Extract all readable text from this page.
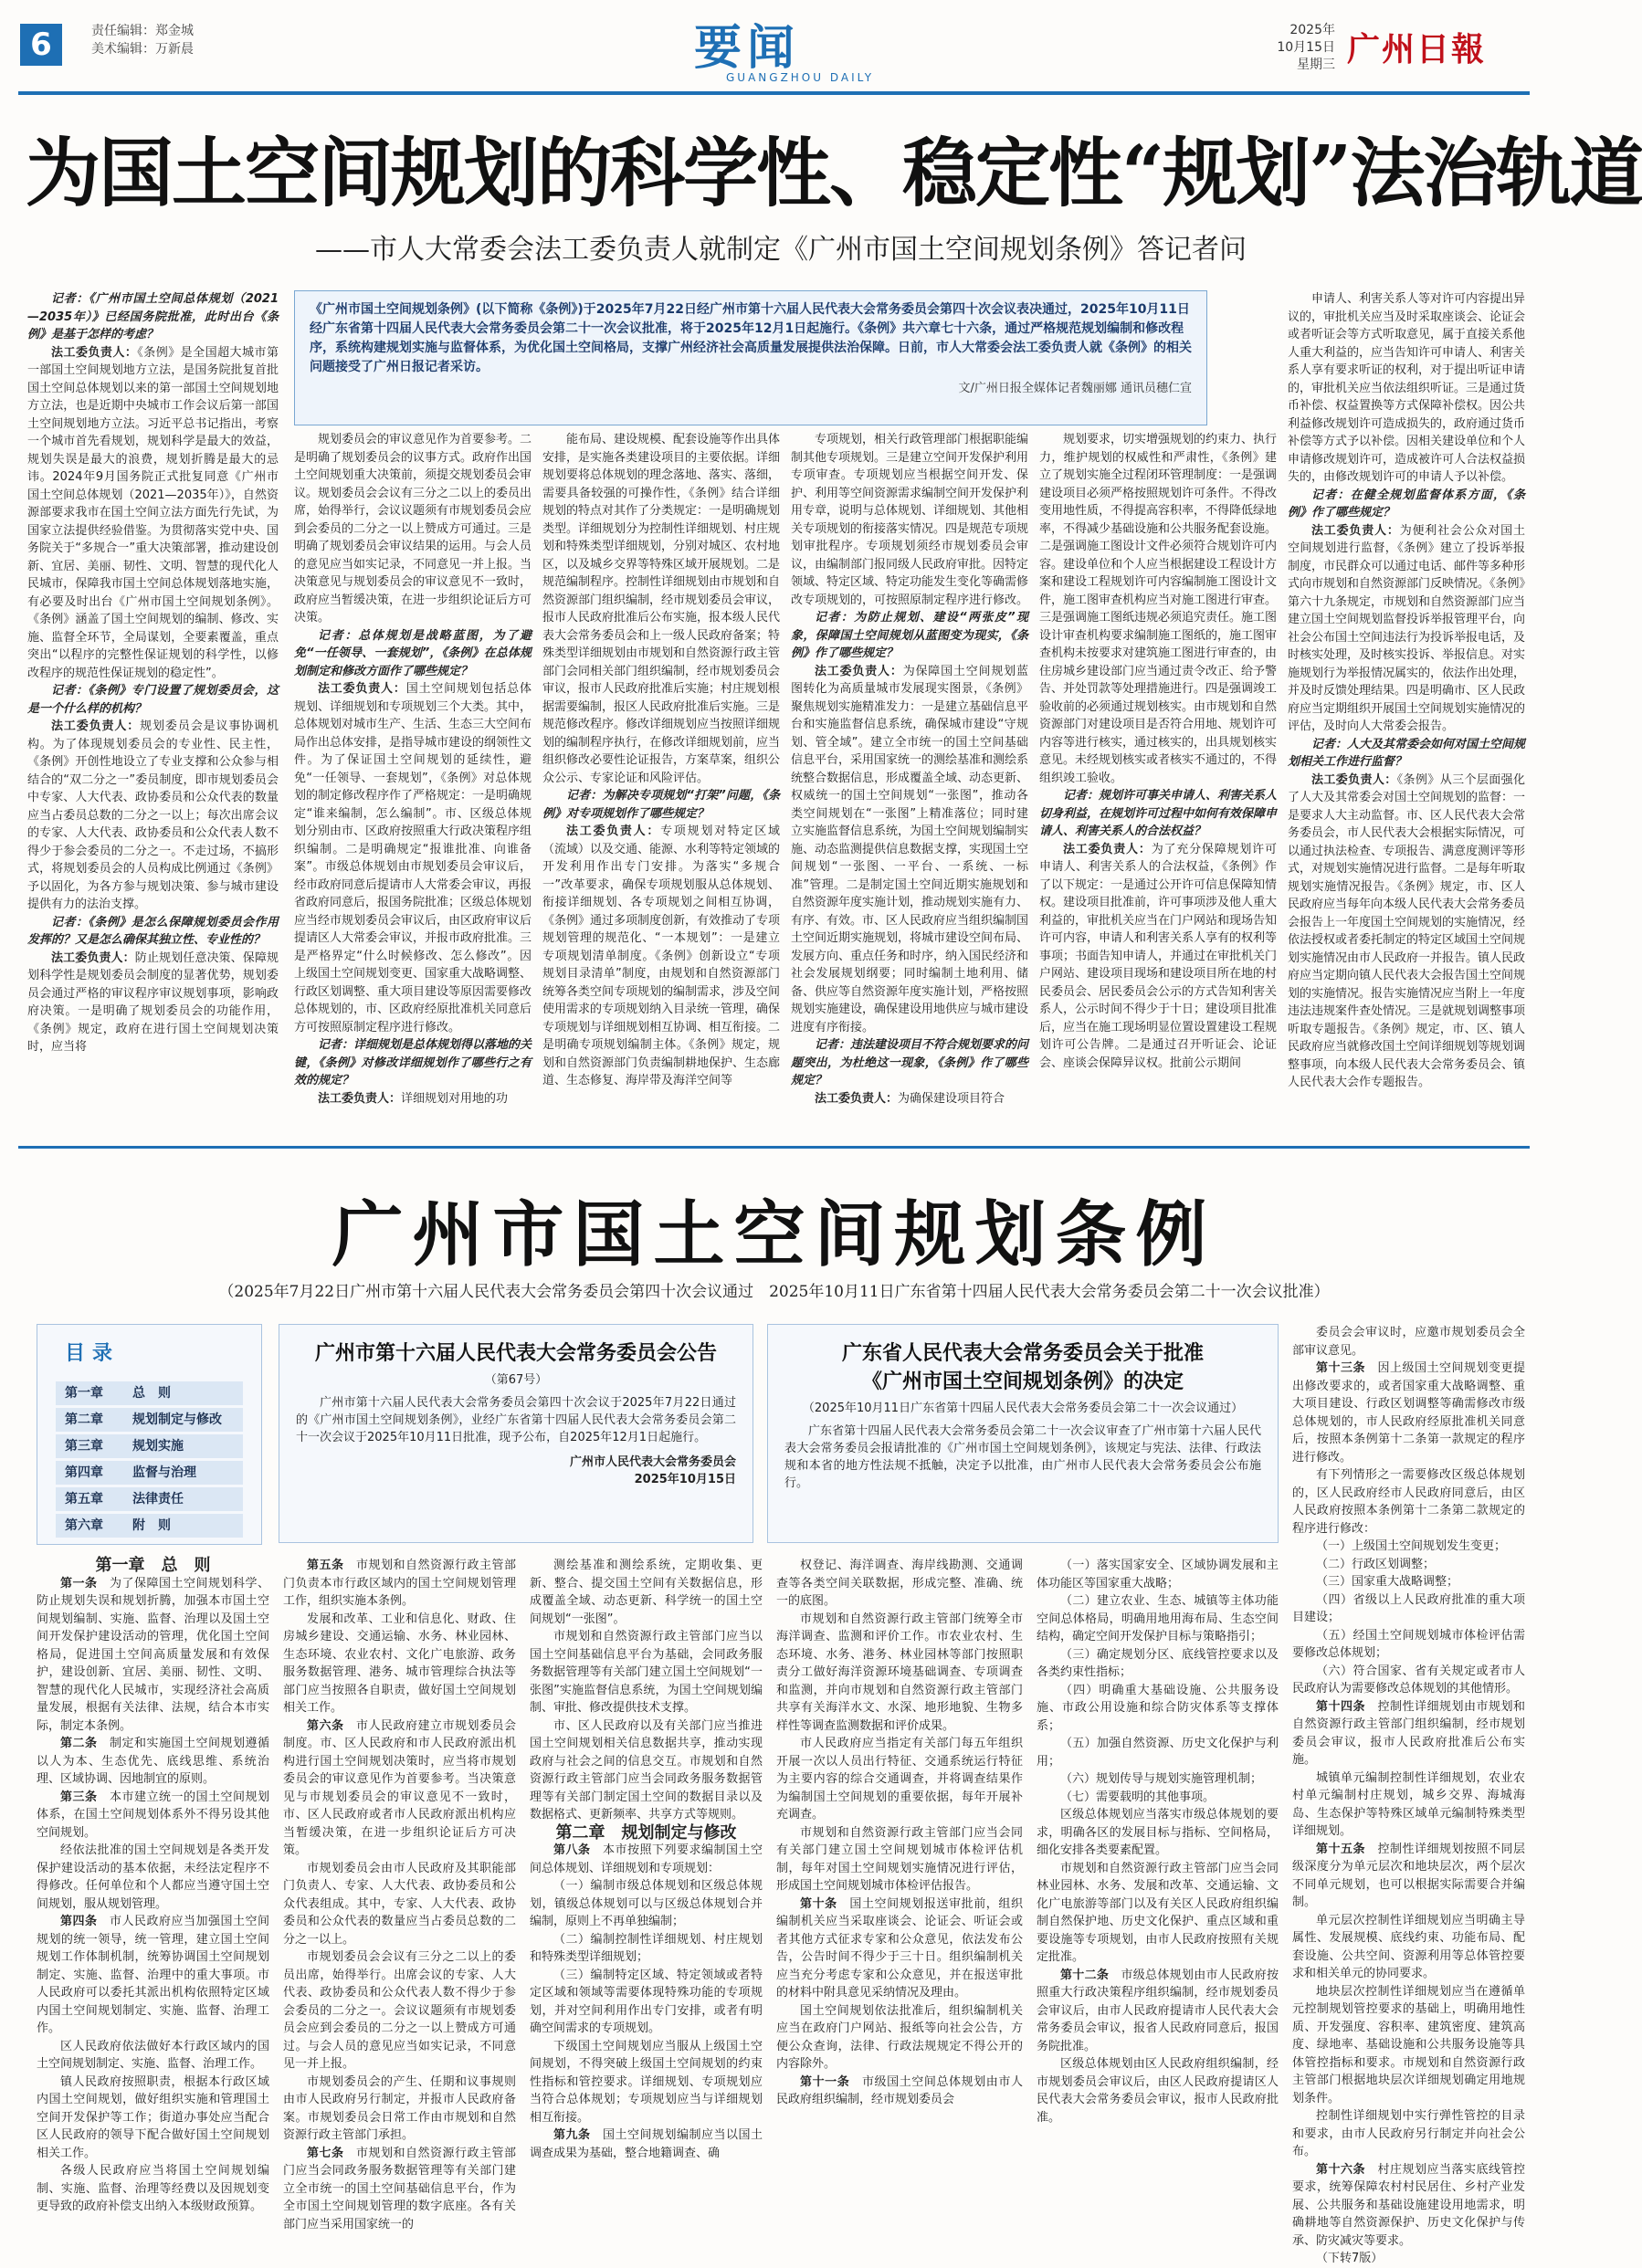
6	责任编辑：郑金城
美术编辑：万新晨	要闻
GUANGZHOU DAILY
2025年
10月15日
星期三 广州日報
为国土空间规划的科学性、稳定性“规划”法治轨道
——市人大常委会法工委负责人就制定《广州市国土空间规划条例》答记者问
《广州市国土空间规划条例》(以下简称《条例》)于2025年7月22日经广州市第十六届人民代表大会常务委员会第四十次会议表决通过，2025年10月11日经广东省第十四届人民代表大会常务委员会第二十一次会议批准，将于2025年12月1日起施行。《条例》共六章七十六条，通过严格规范规划编制和修改程序，系统构建规划实施与监督体系，为优化国土空间格局，支撑广州经济社会高质量发展提供法治保障。日前，市人大常委会法工委负责人就《条例》的相关问题接受了广州日报记者采访。
文/广州日报全媒体记者魏丽娜 通讯员穗仁宣

记者：《广州市国土空间总体规划（2021—2035年）》已经国务院批准，此时出台《条例》是基于怎样的考虑？

法工委负责人：《条例》是全国超大城市第一部国土空间规划地方立法，是国务院批复首批国土空间总体规划以来的第一部国土空间规划地方立法，也是近期中央城市工作会议后第一部国土空间规划地方立法。习近平总书记指出，考察一个城市首先看规划，规划科学是最大的效益，规划失误是最大的浪费，规划折腾是最大的忌讳。2024年9月国务院正式批复同意《广州市国土空间总体规划（2021—2035年）》，自然资源部要求我市在国土空间立法方面先行先试，为国家立法提供经验借鉴。为贯彻落实党中央、国务院关于“多规合一”重大决策部署，推动建设创新、宜居、美丽、韧性、文明、智慧的现代化人民城市，保障我市国土空间总体规划落地实施，有必要及时出台《广州市国土空间规划条例》。《条例》涵盖了国土空间规划的编制、修改、实施、监督全环节，全局谋划，全要素覆盖，重点突出“以程序的完整性保证规划的科学性，以修改程序的规范性保证规划的稳定性”。

记者：《条例》专门设置了规划委员会，这是一个什么样的机构？

法工委负责人：规划委员会是议事协调机构。为了体现规划委员会的专业性、民主性，《条例》开创性地设立了专业支撑和公众参与相结合的“双二分之一”委员制度，即市规划委员会中专家、人大代表、政协委员和公众代表的数量应当占委员总数的二分之一以上；每次出席会议的专家、人大代表、政协委员和公众代表人数不得少于参会委员的二分之一。不走过场，不搞形式，将规划委员会的人员构成比例通过《条例》予以固化，为各方参与规划决策、参与城市建设提供有力的法治支撑。

记者：《条例》是怎么保障规划委员会作用发挥的？又是怎么确保其独立性、专业性的？

法工委负责人：防止规划任意决策、保障规划科学性是规划委员会制度的显著优势，规划委员会通过严格的审议程序审议规划事项，影响政府决策。一是明确了规划委员会的功能作用，《条例》规定，政府在进行国土空间规划决策时，应当将

规划委员会的审议意见作为首要参考。二是明确了规划委员会的议事方式。政府作出国土空间规划重大决策前，须提交规划委员会审议。规划委员会会议有三分之二以上的委员出席，始得举行，会议议题须有市规划委员会应到会委员的二分之一以上赞成方可通过。三是明确了规划委员会审议结果的运用。与会人员的意见应当如实记录，不同意见一并上报。当决策意见与规划委员会的审议意见不一致时，政府应当暂缓决策，在进一步组织论证后方可决策。

记者：总体规划是战略蓝图，为了避免“一任领导、一套规划”，《条例》在总体规划制定和修改方面作了哪些规定？

法工委负责人：国土空间规划包括总体规划、详细规划和专项规划三个大类。其中，总体规划对城市生产、生活、生态三大空间布局作出总体安排，是指导城市建设的纲领性文件。为了保证国土空间规划的延续性，避免“一任领导、一套规划”，《条例》对总体规划的制定修改程序作了严格规定：一是明确规定“谁来编制，怎么编制”。市、区级总体规划分别由市、区政府按照重大行政决策程序组织编制。二是明确规定“报谁批准、向谁备案”。市级总体规划由市规划委员会审议后，经市政府同意后提请市人大常委会审议，再报省政府同意后，报国务院批准；区级总体规划应当经市规划委员会审议后，由区政府审议后提请区人大常委会审议，并报市政府批准。三是严格界定“什么时候修改、怎么修改”。因上级国土空间规划变更、国家重大战略调整、行政区划调整、重大项目建设等原因需要修改总体规划的，市、区政府经原批准机关同意后方可按照原制定程序进行修改。

记者：详细规划是总体规划得以落地的关键，《条例》对修改详细规划作了哪些行之有效的规定？

法工委负责人：详细规划对用地的功

能布局、建设规模、配套设施等作出具体安排，是实施各类建设项目的主要依据。详细规划要将总体规划的理念落地、落实、落细，需要具备较强的可操作性，《条例》结合详细规划的特点对其作了分类规定：一是明确规划类型。详细规划分为控制性详细规划、村庄规划和特殊类型详细规划，分别对城区、农村地区，以及城乡交界等特殊区域开展规划。二是规范编制程序。控制性详细规划由市规划和自然资源部门组织编制，经市规划委员会审议，报市人民政府批准后公布实施，报本级人民代表大会常务委员会和上一级人民政府备案；特殊类型详细规划由市规划和自然资源行政主管部门会同相关部门组织编制，经市规划委员会审议，报市人民政府批准后实施；村庄规划根据需要编制，报区人民政府批准后实施。三是规范修改程序。修改详细规划应当按照详细规划的编制程序执行，在修改详细规划前，应当组织修改必要性论证报告，方案草案，组织公众公示、专家论证和风险评估。

记者：为解决专项规划“打架”问题，《条例》对专项规划作了哪些规定？

法工委负责人：专项规划对特定区域（流域）以及交通、能源、水利等特定领域的开发利用作出专门安排。为落实“多规合一”改革要求，确保专项规划服从总体规划、衔接详细规划、各专项规划之间相互协调，《条例》通过多项制度创新，有效推动了专项规划管理的规范化、“一本规划”：一是建立专项规划清单制度。《条例》创新设立“专项规划目录清单”制度，由规划和自然资源部门统筹各类空间专项规划的编制需求，涉及空间使用需求的专项规划纳入目录统一管理，确保专项规划与详细规划相互协调、相互衔接。二是明确专项规划编制主体。《条例》规定，规划和自然资源部门负责编制耕地保护、生态廊道、生态修复、海岸带及海洋空间等

专项规划，相关行政管理部门根据职能编制其他专项规划。三是建立空间开发保护利用专项审查。专项规划应当根据空间开发、保护、利用等空间资源需求编制空间开发保护利用专章，说明与总体规划、详细规划、其他相关专项规划的衔接落实情况。四是规范专项规划审批程序。专项规划须经市规划委员会审议，由编制部门报同级人民政府审批。因特定领域、特定区域、特定功能发生变化等确需修改专项规划的，可按照原制定程序进行修改。

记者：为防止规划、建设“两张皮”现象，保障国土空间规划从蓝图变为现实，《条例》作了哪些规定？

法工委负责人：为保障国土空间规划蓝图转化为高质量城市发展现实图景，《条例》聚焦规划实施精准发力：一是建立基础信息平台和实施监督信息系统，确保城市建设“守规划、管全域”。建立全市统一的国土空间基础信息平台，采用国家统一的测绘基准和测绘系统整合数据信息，形成覆盖全域、动态更新、权威统一的国土空间规划“一张图”，推动各类空间规划在“一张图”上精准落位；同时建立实施监督信息系统，为国土空间规划编制实施、动态监测提供信息数据支撑，实现国土空间规划“一张图、一平台、一系统、一标准”管理。二是制定国土空间近期实施规划和自然资源年度实施计划，推动规划实施有力、有序、有效。市、区人民政府应当组织编制国土空间近期实施规划，将城市建设空间布局、发展方向、重点任务和时序，纳入国民经济和社会发展规划纲要；同时编制土地利用、储备、供应等自然资源年度实施计划，严格按照规划实施建设，确保建设用地供应与城市建设进度有序衔接。

记者：违法建设项目不符合规划要求的问题突出，为杜绝这一现象，《条例》作了哪些规定？

法工委负责人：为确保建设项目符合

规划要求，切实增强规划的约束力、执行力，维护规划的权威性和严肃性，《条例》建立了规划实施全过程闭环管理制度：一是强调建设项目必须严格按照规划许可条件。不得改变用地性质，不得提高容积率，不得降低绿地率，不得减少基础设施和公共服务配套设施。二是强调施工图设计文件必须符合规划许可内容。建设单位和个人应当根据建设工程设计方案和建设工程规划许可内容编制施工图设计文件，施工图审查机构应当对施工图进行审查。三是强调施工图纸违规必须追究责任。施工图设计审查机构要求编制施工图纸的，施工图审查机构未按要求对建筑施工图进行审查的，由住房城乡建设部门应当通过责令改正、给予警告、并处罚款等处理措施进行。四是强调竣工验收前的必须通过规划核实。由市规划和自然资源部门对建设项目是否符合用地、规划许可内容等进行核实，通过核实的，出具规划核实意见。未经规划核实或者核实不通过的，不得组织竣工验收。

记者：规划许可事关申请人、利害关系人切身利益，在规划许可过程中如何有效保障申请人、利害关系人的合法权益？

法工委负责人：为了充分保障规划许可申请人、利害关系人的合法权益，《条例》作了以下规定：一是通过公开许可信息保障知情权。建设项目批准前，许可事项涉及他人重大利益的，审批机关应当在门户网站和现场告知许可内容，申请人和利害关系人享有的权利等事项；书面告知申请人，并通过在审批机关门户网站、建设项目现场和建设项目所在地的村民委员会、居民委员会公示的方式告知利害关系人，公示时间不得少于十日；建设项目批准后，应当在施工现场明显位置设置建设工程规划许可公告牌。二是通过召开听证会、论证会、座谈会保障异议权。批前公示期间

申请人、利害关系人等对许可内容提出异议的，审批机关应当及时采取座谈会、论证会或者听证会等方式听取意见，属于直接关系他人重大利益的，应当告知许可申请人、利害关系人享有要求听证的权利，对于提出听证申请的，审批机关应当依法组织听证。三是通过货币补偿、权益置换等方式保障补偿权。因公共利益修改规划许可造成损失的，政府通过货币补偿等方式予以补偿。因相关建设单位和个人申请修改规划许可，造成被许可人合法权益损失的，由修改规划许可的申请人予以补偿。

记者：在健全规划监督体系方面，《条例》作了哪些规定？

法工委负责人：为便利社会公众对国土空间规划进行监督，《条例》建立了投诉举报制度，市民群众可以通过电话、邮件等多种形式向市规划和自然资源部门反映情况。《条例》第六十九条规定，市规划和自然资源部门应当建立国土空间规划监督投诉举报管理平台，向社会公布国土空间违法行为投诉举报电话，及时核实处理，及时核实投诉、举报信息。对实施规划行为举报情况属实的，依法作出处理，并及时反馈处理结果。四是明确市、区人民政府应当定期组织开展国土空间规划实施情况的评估，及时向人大常委会报告。

记者：人大及其常委会如何对国土空间规划相关工作进行监督？

法工委负责人：《条例》从三个层面强化了人大及其常委会对国土空间规划的监督：一是要求人大主动监督。市、区人民代表大会常务委员会，市人民代表大会根据实际情况，可以通过执法检查、专项报告、满意度测评等形式，对规划实施情况进行监督。二是每年听取规划实施情况报告。《条例》规定，市、区人民政府应当每年向本级人民代表大会常务委员会报告上一年度国土空间规划的实施情况，经依法授权或者委托制定的特定区域国土空间规划实施情况由市人民政府一并报告。镇人民政府应当定期向镇人民代表大会报告国土空间规划的实施情况。报告实施情况应当附上一年度违法违规案件查处情况。三是就规划调整事项听取专题报告。《条例》规定，市、区、镇人民政府应当就修改国土空间详细规划等规划调整事项，向本级人民代表大会常务委员会、镇人民代表大会作专题报告。

广州市国土空间规划条例
（2025年7月22日广州市第十六届人民代表大会常务委员会第四十次会议通过　2025年10月11日广东省第十四届人民代表大会常务委员会第二十一次会议批准）
目录
第一章 总　则
第二章 规划制定与修改
第三章 规划实施
第四章 监督与治理
第五章 法律责任
第六章 附　则
广州市第十六届人民代表大会常务委员会公告
（第67号）
广州市第十六届人民代表大会常务委员会第四十次会议于2025年7月22日通过的《广州市国土空间规划条例》，业经广东省第十四届人民代表大会常务委员会第二十一次会议于2025年10月11日批准，现予公布，自2025年12月1日起施行。
广州市人民代表大会常务委员会
2025年10月15日
广东省人民代表大会常务委员会关于批准
《广州市国土空间规划条例》的决定
（2025年10月11日广东省第十四届人民代表大会常务委员会第二十一次会议通过）
广东省第十四届人民代表大会常务委员会第二十一次会议审查了广州市第十六届人民代表大会常务委员会报请批准的《广州市国土空间规划条例》，该规定与宪法、法律、行政法规和本省的地方性法规不抵触，决定予以批准，由广州市人民代表大会常务委员会公布施行。

委员会会审议时，应邀市规划委员会全部审议意见。

第十三条　因上级国土空间规划变更提出修改要求的，或者国家重大战略调整、重大项目建设、行政区划调整等确需修改市级总体规划的，市人民政府经原批准机关同意后，按照本条例第十二条第一款规定的程序进行修改。

有下列情形之一需要修改区级总体规划的，区人民政府经市人民政府同意后，由区人民政府按照本条例第十二条第二款规定的程序进行修改：

（一）上级国土空间规划发生变更；

（二）行政区划调整；

（三）国家重大战略调整；

（四）省级以上人民政府批准的重大项目建设；

（五）经国土空间规划城市体检评估需要修改总体规划；

（六）符合国家、省有关规定或者市人民政府认为需要修改总体规划的其他情形。

第十四条　控制性详细规划由市规划和自然资源行政主管部门组织编制，经市规划委员会审议，报市人民政府批准后公布实施。

城镇单元编制控制性详细规划，农业农村单元编制村庄规划，城乡交界、海城海岛、生态保护等特殊区域单元编制特殊类型详细规划。

第十五条　控制性详细规划按照不同层级深度分为单元层次和地块层次，两个层次不同单元规划，也可以根据实际需要合并编制。

单元层次控制性详细规划应当明确主导属性、发展规模、底线约束、功能布局、配套设施、公共空间、资源利用等总体管控要求和相关单元的协同要求。

地块层次控制性详细规划应当在遵循单元控制规划管控要求的基础上，明确用地性质、开发强度、容积率、建筑密度、建筑高度、绿地率、基础设施和公共服务设施等具体管控指标和要求。市规划和自然资源行政主管部门根据地块层次详细规划确定用地规划条件。

控制性详细规划中实行弹性管控的目录和要求，由市人民政府另行制定并向社会公布。

第十六条　村庄规划应当落实底线管控要求，统筹保障农村村民居住、乡村产业发展、公共服务和基础设施建设用地需求，明确耕地等自然资源保护、历史文化保护与传承、防灾减灾等要求。

（下转7版）

第一章　总　则

第一条　为了保障国土空间规划科学、防止规划失误和规划折腾，加强本市国土空间规划编制、实施、监督、治理以及国土空间开发保护建设活动的管理，优化国土空间格局，促进国土空间高质量发展和有效保护，建设创新、宜居、美丽、韧性、文明、智慧的现代化人民城市，实现经济社会高质量发展，根据有关法律、法规，结合本市实际，制定本条例。

第二条　制定和实施国土空间规划遵循以人为本、生态优先、底线思维、系统治理、区域协调、因地制宜的原则。

第三条　本市建立统一的国土空间规划体系，在国土空间规划体系外不得另设其他空间规划。

经依法批准的国土空间规划是各类开发保护建设活动的基本依据，未经法定程序不得修改。任何单位和个人都应当遵守国土空间规划，服从规划管理。

第四条　市人民政府应当加强国土空间规划的统一领导，统一管理，建立国土空间规划工作体制机制，统筹协调国土空间规划制定、实施、监督、治理中的重大事项。市人民政府可以委托其派出机构依照特定区域内国土空间规划制定、实施、监督、治理工作。

区人民政府依法做好本行政区域内的国土空间规划制定、实施、监督、治理工作。

镇人民政府按照职责，根据本行政区域内国土空间规划，做好组织实施和管理国土空间开发保护等工作；街道办事处应当配合区人民政府的领导下配合做好国土空间规划相关工作。

各级人民政府应当将国土空间规划编制、实施、监督、治理等经费以及因规划变更导致的政府补偿支出纳入本级财政预算。

第五条　市规划和自然资源行政主管部门负责本市行政区域内的国土空间规划管理工作，组织实施本条例。

发展和改革、工业和信息化、财政、住房城乡建设、交通运输、水务、林业园林、生态环境、农业农村、文化广电旅游、政务服务数据管理、港务、城市管理综合执法等部门应当按照各自职责，做好国土空间规划相关工作。

第六条　市人民政府建立市规划委员会制度。市、区人民政府和市人民政府派出机构进行国土空间规划决策时，应当将市规划委员会的审议意见作为首要参考。当决策意见与市规划委员会的审议意见不一致时，市、区人民政府或者市人民政府派出机构应当暂缓决策，在进一步组织论证后方可决策。

市规划委员会由市人民政府及其职能部门负责人、专家、人大代表、政协委员和公众代表组成。其中，专家、人大代表、政协委员和公众代表的数量应当占委员总数的二分之一以上。

市规划委员会会议有三分之二以上的委员出席，始得举行。出席会议的专家、人大代表、政协委员和公众代表人数不得少于参会委员的二分之一。会议议题须有市规划委员会应到会委员的二分之一以上赞成方可通过。与会人员的意见应当如实记录，不同意见一并上报。

市规划委员会的产生、任期和议事规则由市人民政府另行制定，并报市人民政府备案。市规划委员会日常工作由市规划和自然资源行政主管部门承担。

第七条　市规划和自然资源行政主管部门应当会同政务服务数据管理等有关部门建立全市统一的国土空间基础信息平台，作为全市国土空间规划管理的数字底座。各有关部门应当采用国家统一的

测绘基准和测绘系统，定期收集、更新、整合、提交国土空间有关数据信息，形成覆盖全域、动态更新、科学统一的国土空间规划“一张图”。

市规划和自然资源行政主管部门应当以国土空间基础信息平台为基础，会同政务服务数据管理等有关部门建立国土空间规划“一张图”实施监督信息系统，为国土空间规划编制、审批、修改提供技术支撑。

市、区人民政府以及有关部门应当推进国土空间规划相关信息数据共享，推动实现政府与社会之间的信息交互。市规划和自然资源行政主管部门应当会同政务服务数据管理等有关部门制定国土空间的数据目录以及数据格式、更新频率、共享方式等规则。

第二章　规划制定与修改

第八条　本市按照下列要求编制国土空间总体规划、详细规划和专项规划：

（一）编制市级总体规划和区级总体规划，镇级总体规划可以与区级总体规划合并编制，原则上不再单独编制；

（二）编制控制性详细规划、村庄规划和特殊类型详细规划；

（三）编制特定区域、特定领域或者特定区域和领域等需要体现特殊功能的专项规划，并对空间利用作出专门安排，或者有明确空间需求的专项规划。

下级国土空间规划应当服从上级国土空间规划，不得突破上级国土空间规划的约束性指标和管控要求。详细规划、专项规划应当符合总体规划；专项规划应当与详细规划相互衔接。

第九条　国土空间规划编制应当以国土调查成果为基础，整合地籍调查、确

权登记、海洋调查、海岸线勘测、交通调查等各类空间关联数据，形成完整、准确、统一的底图。

市规划和自然资源行政主管部门统筹全市海洋调查、监测和评价工作。市农业农村、生态环境、水务、港务、林业园林等部门按照职责分工做好海洋资源环境基础调查、专项调查和监测，并向市规划和自然资源行政主管部门共享有关海洋水文、水深、地形地貌、生物多样性等调查监测数据和评价成果。

市人民政府应当指定有关部门每五年组织开展一次以人员出行特征、交通系统运行特征为主要内容的综合交通调查，并将调查结果作为编制国土空间规划的重要依据，每年开展补充调查。

市规划和自然资源行政主管部门应当会同有关部门建立国土空间规划城市体检评估机制，每年对国土空间规划实施情况进行评估，形成国土空间规划城市体检评估报告。

第十条　国土空间规划报送审批前，组织编制机关应当采取座谈会、论证会、听证会或者其他方式征求专家和公众意见，依法发布公告，公告时间不得少于三十日。组织编制机关应当充分考虑专家和公众意见，并在报送审批的材料中附具意见采纳情况及理由。

国土空间规划依法批准后，组织编制机关应当在政府门户网站、报纸等向社会公告，方便公众查询，法律、行政法规规定不得公开的内容除外。

第十一条　市级国土空间总体规划由市人民政府组织编制，经市规划委员会

（一）落实国家安全、区域协调发展和主体功能区等国家重大战略；

（二）建立农业、生态、城镇等主体功能空间总体格局，明确用地用海布局、生态空间结构，确定空间开发保护目标与策略指引；

（三）确定规划分区、底线管控要求以及各类约束性指标；

（四）明确重大基础设施、公共服务设施、市政公用设施和综合防灾体系等支撑体系；

（五）加强自然资源、历史文化保护与利用；

（六）规划传导与规划实施管理机制；

（七）需要载明的其他事项。

区级总体规划应当落实市级总体规划的要求，明确各区的发展目标与指标、空间格局，细化安排各类要素配置。

市规划和自然资源行政主管部门应当会同林业园林、水务、发展和改革、交通运输、文化广电旅游等部门以及有关区人民政府组织编制自然保护地、历史文化保护、重点区域和重要设施等专项规划，由市人民政府按照有关规定批准。

第十二条　市级总体规划由市人民政府按照重大行政决策程序组织编制，经市规划委员会审议后，由市人民政府提请市人民代表大会常务委员会审议，报省人民政府同意后，报国务院批准。

区级总体规划由区人民政府组织编制，经市规划委员会审议后，由区人民政府提请区人民代表大会常务委员会审议，报市人民政府批准。
